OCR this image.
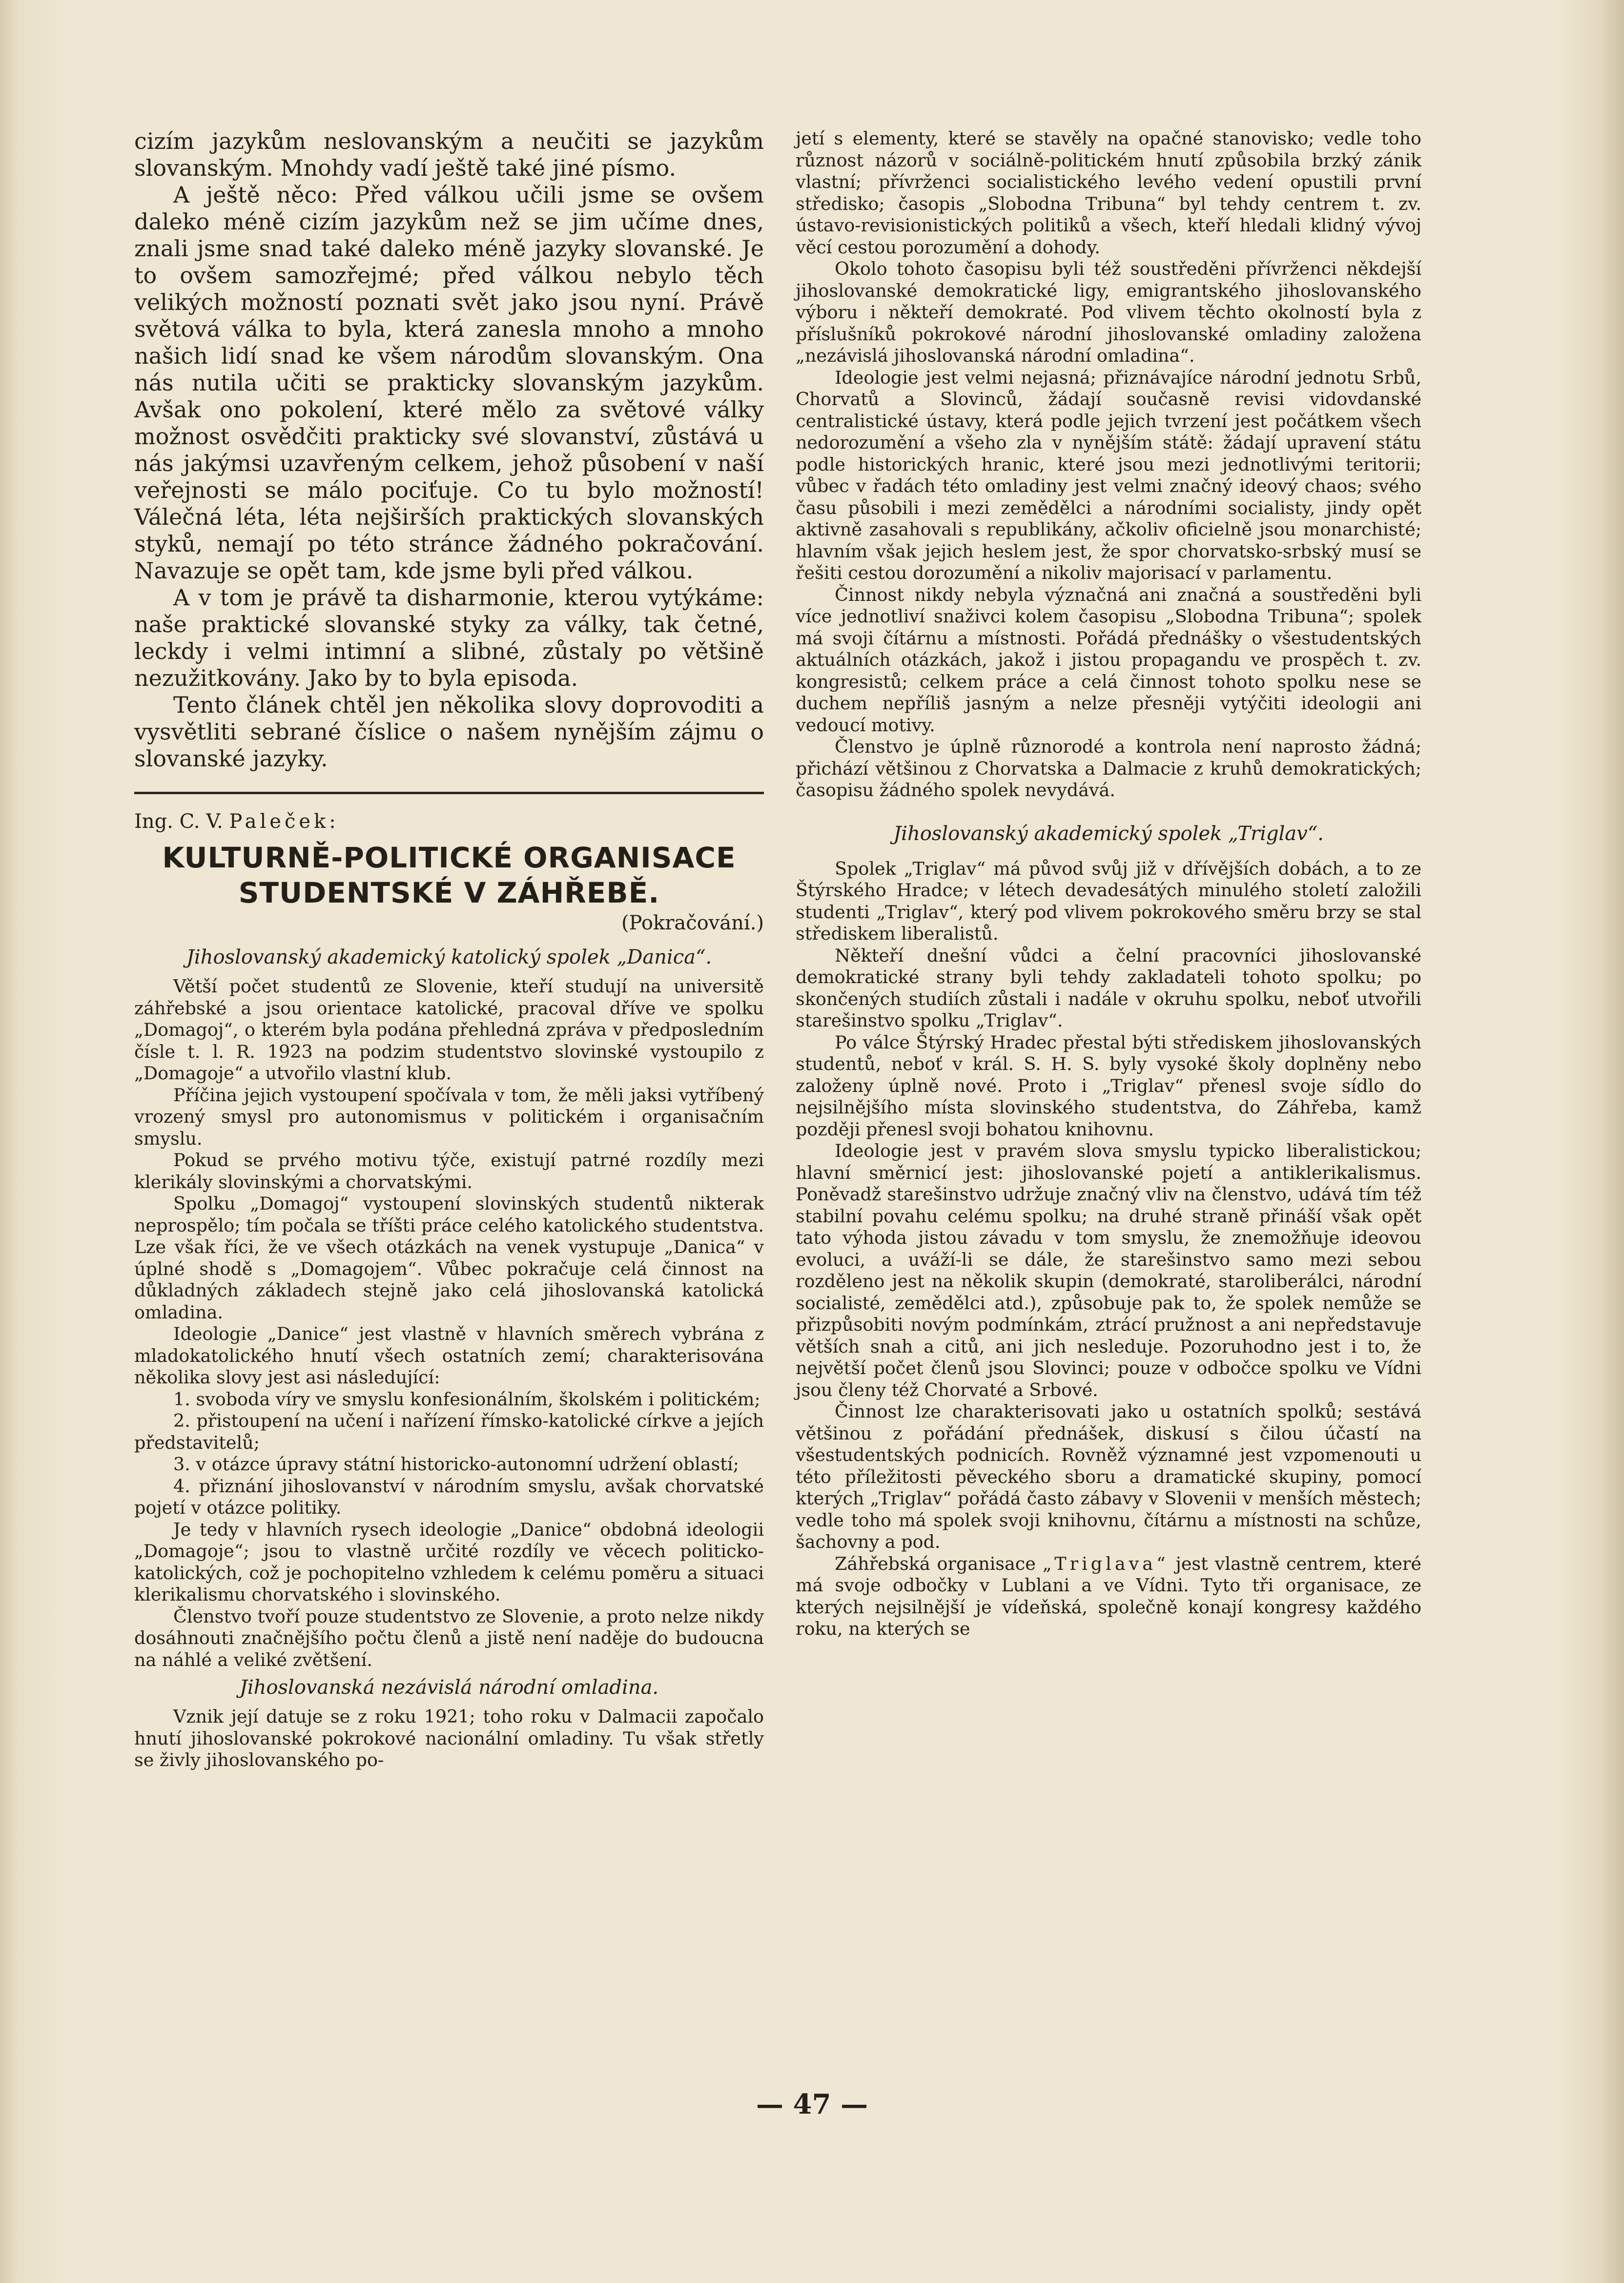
cizím jazykům neslovanským a neučiti se jazykům slovanským. Mnohdy vadí ještě také jiné písmo.

A ještě něco: Před válkou učili jsme se ovšem daleko méně cizím jazykům než se jim učíme dnes, znali jsme snad také daleko méně jazyky slovanské. Je to ovšem samozřejmé; před válkou nebylo těch velikých možností poznati svět jako jsou nyní. Právě světová válka to byla, která zanesla mnoho a mnoho našich lidí snad ke všem národům slovanským. Ona nás nutila učiti se prakticky slovanským jazykům. Avšak ono pokolení, které mělo za světové války možnost osvědčiti prakticky své slovanství, zůstává u nás jakýmsi uzavřeným celkem, jehož působení v naší veřejnosti se málo pociťuje. Co tu bylo možností! Válečná léta, léta nejširších praktických slovanských styků, nemají po této stránce žádného pokračování. Navazuje se opět tam, kde jsme byli před válkou.

A v tom je právě ta disharmonie, kterou vytýkáme: naše praktické slovanské styky za války, tak četné, leckdy i velmi intimní a slibné, zůstaly po většině nezužitkovány. Jako by to byla episoda.

Tento článek chtěl jen několika slovy doprovoditi a vysvětliti sebrané číslice o našem nynějším zájmu o slovanské jazyky.

Ing. C. V. Paleček:
KULTURNĚ-POLITICKÉ ORGANISACE
STUDENTSKÉ V ZÁHŘEBĚ.
(Pokračování.)
Jihoslovanský akademický katolický spolek „Danica“.

Větší počet studentů ze Slovenie, kteří studují na universitě záhřebské a jsou orientace katolické, pracoval dříve ve spolku „Domagoj“, o kterém byla podána přehledná zpráva v předposledním čísle t. l. R. 1923 na podzim studentstvo slovinské vystoupilo z „Domagoje“ a utvořilo vlastní klub.

Příčina jejich vystoupení spočívala v tom, že měli jaksi vytříbený vrozený smysl pro autonomismus v politickém i organisačním smyslu.

Pokud se prvého motivu týče, existují patrné rozdíly mezi klerikály slovinskými a chorvatskými.

Spolku „Domagoj“ vystoupení slovinských studentů nikterak neprospělo; tím počala se tříšti práce celého katolického studentstva. Lze však říci, že ve všech otázkách na venek vystupuje „Danica“ v úplné shodě s „Domagojem“. Vůbec pokračuje celá činnost na důkladných základech stejně jako celá jihoslovanská katolická omladina.

Ideologie „Danice“ jest vlastně v hlavních směrech vybrána z mladokatolického hnutí všech ostatních zemí; charakterisována několika slovy jest asi následující:

1. svoboda víry ve smyslu konfesionálním, školském i politickém;

2. přistoupení na učení i nařízení římsko-katolické církve a jejích představitelů;

3. v otázce úpravy státní historicko-autonomní udržení oblastí;

4. přiznání jihoslovanství v národním smyslu, avšak chorvatské pojetí v otázce politiky.

Je tedy v hlavních rysech ideologie „Danice“ obdobná ideologii „Domagoje“; jsou to vlastně určité rozdíly ve věcech politicko-katolických, což je pochopitelno vzhledem k celému poměru a situaci klerikalismu chorvatského i slovinského.

Členstvo tvoří pouze studentstvo ze Slovenie, a proto nelze nikdy dosáhnouti značnějšího počtu členů a jistě není naděje do budoucna na náhlé a veliké zvětšení.

Jihoslovanská nezávislá národní omladina.

Vznik její datuje se z roku 1921; toho roku v Dalmacii započalo hnutí jihoslovanské pokrokové nacionální omladiny. Tu však střetly se živly jihoslovanského po-

jetí s elementy, které se stavěly na opačné stanovisko; vedle toho různost názorů v sociálně-politickém hnutí způsobila brzký zánik vlastní; přívrženci socialistického levého vedení opustili první středisko; časopis „Slobodna Tribuna“ byl tehdy centrem t. zv. ústavo-revisionistických politiků a všech, kteří hledali klidný vývoj věcí cestou porozumění a dohody.

Okolo tohoto časopisu byli též soustředěni přívrženci někdejší jihoslovanské demokratické ligy, emigrantského jihoslovanského výboru i někteří demokraté. Pod vlivem těchto okolností byla z příslušníků pokrokové národní jihoslovanské omladiny založena „nezávislá jihoslovanská národní omladina“.

Ideologie jest velmi nejasná; přiznávajíce národní jednotu Srbů, Chorvatů a Slovinců, žádají současně revisi vidovdanské centralistické ústavy, která podle jejich tvrzení jest počátkem všech nedorozumění a všeho zla v nynějším státě: žádají upravení státu podle historických hranic, které jsou mezi jednotlivými teritorii; vůbec v řadách této omladiny jest velmi značný ideový chaos; svého času působili i mezi zemědělci a národními socialisty, jindy opět aktivně zasahovali s republikány, ačkoliv oficielně jsou monarchisté; hlavním však jejich heslem jest, že spor chorvatsko-srbský musí se řešiti cestou dorozumění a nikoliv majorisací v parlamentu.

Činnost nikdy nebyla význačná ani značná a soustředěni byli více jednotliví snaživci kolem časopisu „Slobodna Tribuna“; spolek má svoji čítárnu a místnosti. Pořádá přednášky o všestudentských aktuálních otázkách, jakož i jistou propagandu ve prospěch t. zv. kongresistů; celkem práce a celá činnost tohoto spolku nese se duchem nepříliš jasným a nelze přesněji vytýčiti ideologii ani vedoucí motivy.

Členstvo je úplně různorodé a kontrola není naprosto žádná; přichází většinou z Chorvatska a Dalmacie z kruhů demokratických; časopisu žádného spolek nevydává.

Jihoslovanský akademický spolek „Triglav“.

Spolek „Triglav“ má původ svůj již v dřívějších dobách, a to ze Štýrského Hradce; v létech devadesátých minulého století založili studenti „Triglav“, který pod vlivem pokrokového směru brzy se stal střediskem liberalistů.

Někteří dnešní vůdci a čelní pracovníci jihoslovanské demokratické strany byli tehdy zakladateli tohoto spolku; po skončených studiích zůstali i nadále v okruhu spolku, neboť utvořili starešinstvo spolku „Triglav“.

Po válce Štýrský Hradec přestal býti střediskem jihoslovanských studentů, neboť v král. S. H. S. byly vysoké školy doplněny nebo založeny úplně nové. Proto i „Triglav“ přenesl svoje sídlo do nejsilnějšího místa slovinského studentstva, do Záhřeba, kamž později přenesl svoji bohatou knihovnu.

Ideologie jest v pravém slova smyslu typicko liberalistickou; hlavní směrnicí jest: jihoslovanské pojetí a antiklerikalismus. Poněvadž starešinstvo udržuje značný vliv na členstvo, udává tím též stabilní povahu celému spolku; na druhé straně přináší však opět tato výhoda jistou závadu v tom smyslu, že znemožňuje ideovou evoluci, a uváží-li se dále, že starešinstvo samo mezi sebou rozděleno jest na několik skupin (demokraté, staroliberálci, národní socialisté, zemědělci atd.), způsobuje pak to, že spolek nemůže se přizpůsobiti novým podmínkám, ztrácí pružnost a ani nepředstavuje větších snah a citů, ani jich nesleduje. Pozoruhodno jest i to, že největší počet členů jsou Slovinci; pouze v odbočce spolku ve Vídni jsou členy též Chorvaté a Srbové.

Činnost lze charakterisovati jako u ostatních spolků; sestává většinou z pořádání přednášek, diskusí s čilou účastí na všestudentských podnicích. Rovněž významné jest vzpomenouti u této příležitosti pěveckého sboru a dramatické skupiny, pomocí kterých „Triglav“ pořádá často zábavy v Slovenii v menších městech; vedle toho má spolek svoji knihovnu, čítárnu a místnosti na schůze, šachovny a pod.

Záhřebská organisace „Triglava“ jest vlastně centrem, které má svoje odbočky v Lublani a ve Vídni. Tyto tři organisace, ze kterých nejsilnější je vídeňská, společně konají kongresy každého roku, na kterých se

— 47 —
